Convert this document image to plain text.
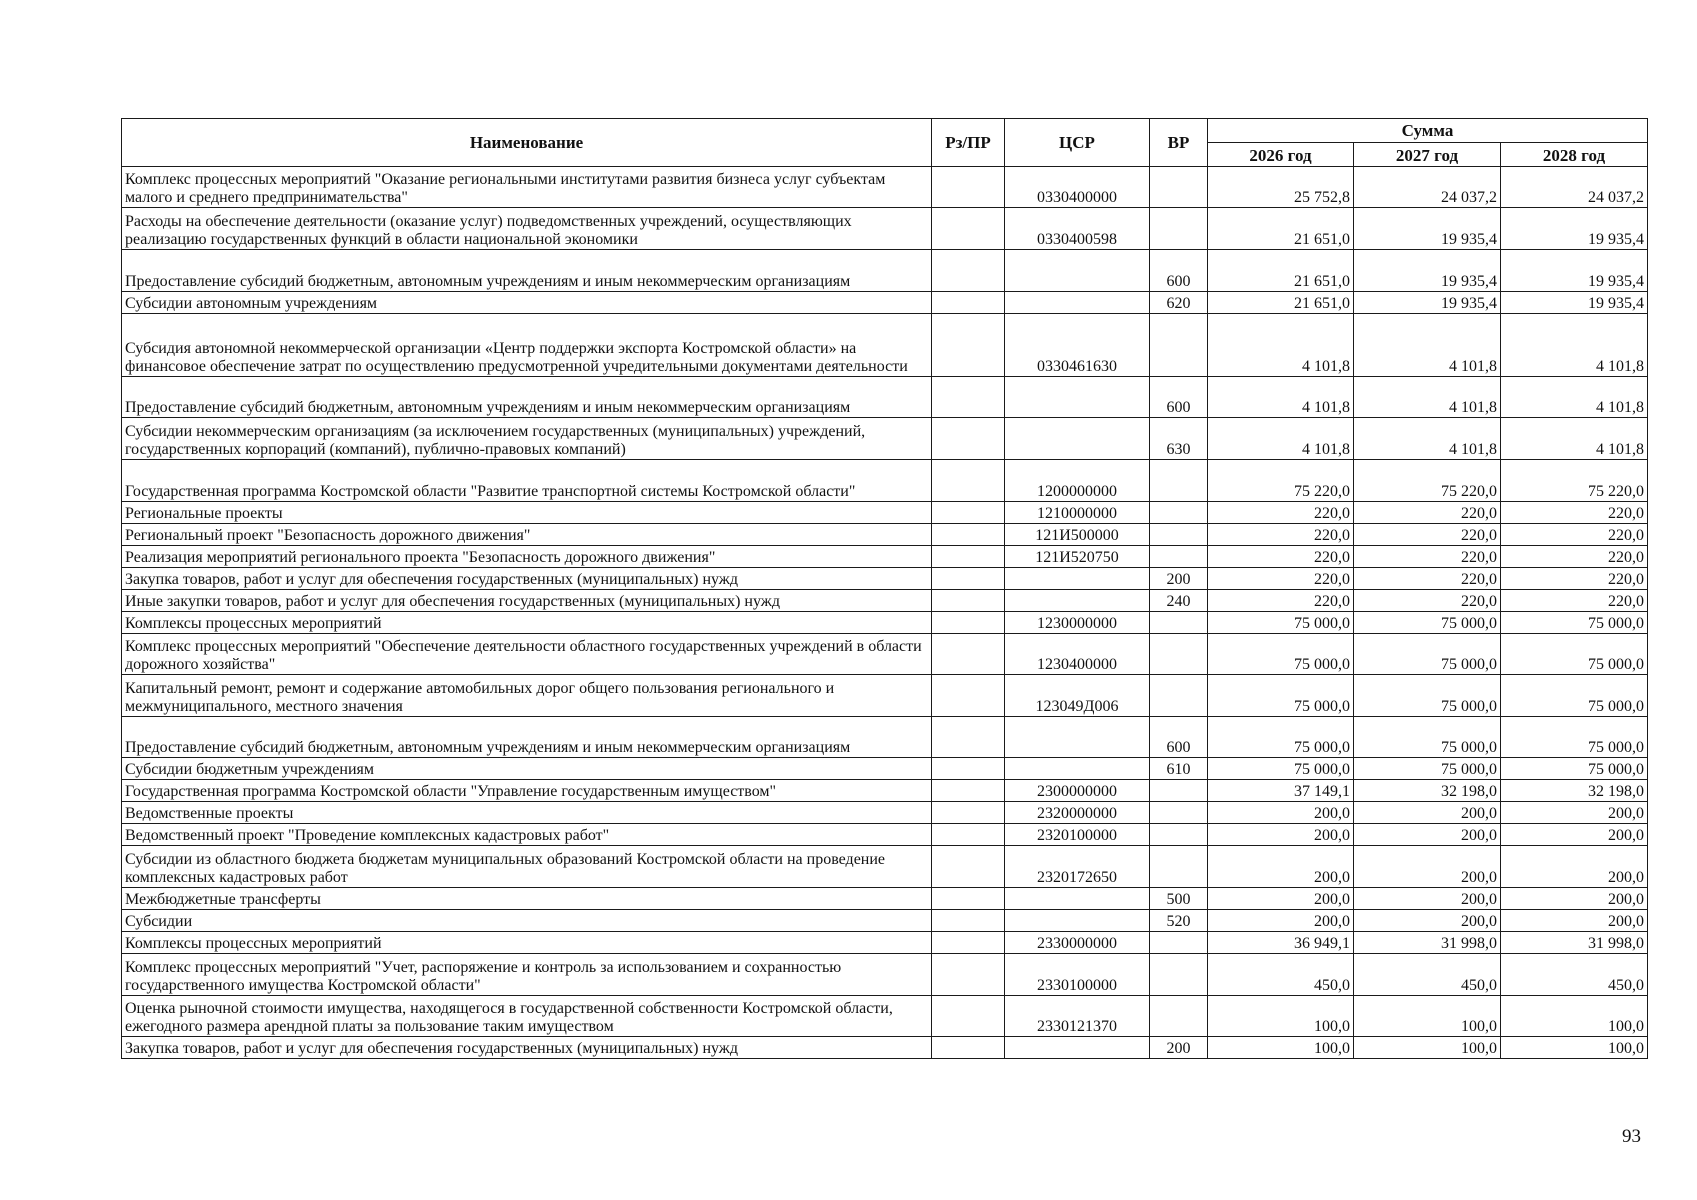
Наименование	Рз/ПР	ЦСР	ВР	Сумма		
				2026 год	2027 год	2028 год
Комплекс процессных мероприятий "Оказание региональными институтами развития бизнеса услуг субъектам малого и среднего предпринимательства"		0330400000		25 752,8	24 037,2	24 037,2
Расходы на обеспечение деятельности (оказание услуг) подведомственных учреждений, осуществляющих реализацию государственных функций в области национальной экономики		0330400598		21 651,0	19 935,4	19 935,4
Предоставление субсидий бюджетным, автономным учреждениям и иным некоммерческим организациям			600	21 651,0	19 935,4	19 935,4
Субсидии автономным учреждениям			620	21 651,0	19 935,4	19 935,4
Субсидия автономной некоммерческой организации «Центр поддержки экспорта Костромской области» на финансовое обеспечение затрат по осуществлению предусмотренной учредительными документами деятельности		0330461630		4 101,8	4 101,8	4 101,8
Предоставление субсидий бюджетным, автономным учреждениям и иным некоммерческим организациям			600	4 101,8	4 101,8	4 101,8
Субсидии некоммерческим организациям (за исключением государственных (муниципальных) учреждений, государственных корпораций (компаний), публично-правовых компаний)			630	4 101,8	4 101,8	4 101,8
Государственная программа Костромской области "Развитие транспортной системы Костромской области"		1200000000		75 220,0	75 220,0	75 220,0
Региональные проекты		1210000000		220,0	220,0	220,0
Региональный проект "Безопасность дорожного движения"		121И500000		220,0	220,0	220,0
Реализация мероприятий регионального проекта "Безопасность дорожного движения"		121И520750		220,0	220,0	220,0
Закупка товаров, работ и услуг для обеспечения государственных (муниципальных) нужд			200	220,0	220,0	220,0
Иные закупки товаров, работ и услуг для обеспечения государственных (муниципальных) нужд			240	220,0	220,0	220,0
Комплексы процессных мероприятий		1230000000		75 000,0	75 000,0	75 000,0
Комплекс процессных мероприятий "Обеспечение деятельности областного государственных учреждений в области дорожного хозяйства"		1230400000		75 000,0	75 000,0	75 000,0
Капитальный ремонт, ремонт и содержание автомобильных дорог общего пользования регионального и межмуниципального, местного значения		123049Д006		75 000,0	75 000,0	75 000,0
Предоставление субсидий бюджетным, автономным учреждениям и иным некоммерческим организациям			600	75 000,0	75 000,0	75 000,0
Субсидии бюджетным учреждениям			610	75 000,0	75 000,0	75 000,0
Государственная программа Костромской области "Управление государственным имуществом"		2300000000		37 149,1	32 198,0	32 198,0
Ведомственные проекты		2320000000		200,0	200,0	200,0
Ведомственный проект "Проведение комплексных кадастровых работ"		2320100000		200,0	200,0	200,0
Субсидии из областного бюджета бюджетам муниципальных образований Костромской области на проведение комплексных кадастровых работ		2320172650		200,0	200,0	200,0
Межбюджетные трансферты			500	200,0	200,0	200,0
Субсидии			520	200,0	200,0	200,0
Комплексы процессных мероприятий		2330000000		36 949,1	31 998,0	31 998,0
Комплекс процессных мероприятий "Учет, распоряжение и контроль за использованием и сохранностью государственного имущества Костромской области"		2330100000		450,0	450,0	450,0
Оценка рыночной стоимости имущества, находящегося в государственной собственности Костромской области, ежегодного размера арендной платы за пользование таким имуществом		2330121370		100,0	100,0	100,0
Закупка товаров, работ и услуг для обеспечения государственных (муниципальных) нужд			200	100,0	100,0	100,0
93
